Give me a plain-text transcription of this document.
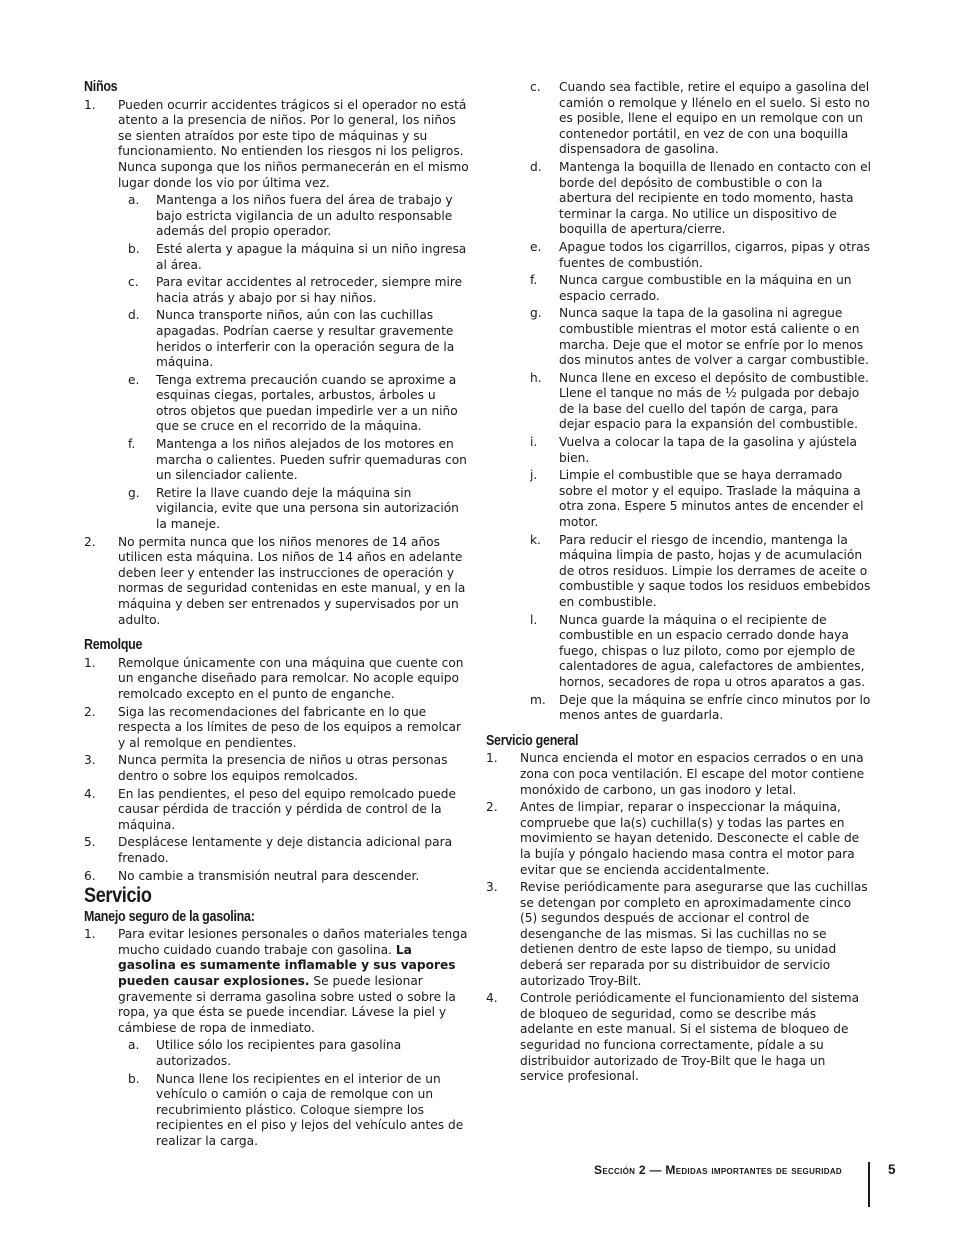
Niños
1.	Pueden ocurrir accidentes trágicos si el operador no está atento a la presencia de niños. Por lo general, los niños se sienten atraídos por este tipo de máquinas y su funcionamiento. No entienden los riesgos ni los peligros. Nunca suponga que los niños permanecerán en el mismo lugar donde los vio por última vez.
a.	Mantenga a los niños fuera del área de trabajo y bajo estricta vigilancia de un adulto responsable además del propio operador.
b.	Esté alerta y apague la máquina si un niño ingresa al área.
c.	Para evitar accidentes al retroceder, siempre mire hacia atrás y abajo por si hay niños.
d.	Nunca transporte niños, aún con las cuchillas apagadas. Podrían caerse y resultar gravemente heridos o interferir con la operación segura de la máquina.
e.	Tenga extrema precaución cuando se aproxime a esquinas ciegas, portales, arbustos, árboles u otros objetos que puedan impedirle ver a un niño que se cruce en el recorrido de la máquina.
f.	Mantenga a los niños alejados de los motores en marcha o calientes. Pueden sufrir quemaduras con un silenciador caliente.
g.	Retire la llave cuando deje la máquina sin vigilancia, evite que una persona sin autorización la maneje.
2.	No permita nunca que los niños menores de 14 años utilicen esta máquina. Los niños de 14 años en adelante deben leer y entender las instrucciones de operación y normas de seguridad contenidas en este manual, y en la máquina y deben ser entrenados y supervisados por un adulto.
Remolque
1.	Remolque únicamente con una máquina que cuente con un enganche diseñado para remolcar. No acople equipo remolcado excepto en el punto de enganche.
2.	Siga las recomendaciones del fabricante en lo que respecta a los límites de peso de los equipos a remolcar y al remolque en pendientes.
3.	Nunca permita la presencia de niños u otras personas dentro o sobre los equipos remolcados.
4.	En las pendientes, el peso del equipo remolcado puede causar pérdida de tracción y pérdida de control de la máquina.
5.	Desplácese lentamente y deje distancia adicional para frenado.
6.	No cambie a transmisión neutral para descender.
Servicio
Manejo seguro de la gasolina:
1.	Para evitar lesiones personales o daños materiales tenga mucho cuidado cuando trabaje con gasolina. La gasolina es sumamente inflamable y sus vapores pueden causar explosiones. Se puede lesionar gravemente si derrama gasolina sobre usted o sobre la ropa, ya que ésta se puede incendiar. Lávese la piel y cámbiese de ropa de inmediato.
a.	Utilice sólo los recipientes para gasolina autorizados.
b.	Nunca llene los recipientes en el interior de un vehículo o camión o caja de remolque con un recubrimiento plástico. Coloque siempre los recipientes en el piso y lejos del vehículo antes de realizar la carga.
c.	Cuando sea factible, retire el equipo a gasolina del camión o remolque y llénelo en el suelo. Si esto no es posible, llene el equipo en un remolque con un contenedor portátil, en vez de con una boquilla dispensadora de gasolina.
d.	Mantenga la boquilla de llenado en contacto con el borde del depósito de combustible o con la abertura del recipiente en todo momento, hasta terminar la carga. No utilice un dispositivo de boquilla de apertura/cierre.
e.	Apague todos los cigarrillos, cigarros, pipas y otras fuentes de combustión.
f.	Nunca cargue combustible en la máquina en un espacio cerrado.
g.	Nunca saque la tapa de la gasolina ni agregue combustible mientras el motor está caliente o en marcha. Deje que el motor se enfríe por lo menos dos minutos antes de volver a cargar combustible.
h.	Nunca llene en exceso el depósito de combustible. Llene el tanque no más de ½ pulgada por debajo de la base del cuello del tapón de carga, para dejar espacio para la expansión del combustible.
i.	Vuelva a colocar la tapa de la gasolina y ajústela bien.
j.	Limpie el combustible que se haya derramado sobre el motor y el equipo. Traslade la máquina a otra zona. Espere 5 minutos antes de encender el motor.
k.	Para reducir el riesgo de incendio, mantenga la máquina limpia de pasto, hojas y de acumulación de otros residuos. Limpie los derrames de aceite o combustible y saque todos los residuos embebidos en combustible.
l.	Nunca guarde la máquina o el recipiente de combustible en un espacio cerrado donde haya fuego, chispas o luz piloto, como por ejemplo de calentadores de agua, calefactores de ambientes, hornos, secadores de ropa u otros aparatos a gas.
m.	Deje que la máquina se enfríe cinco minutos por lo menos antes de guardarla.
Servicio general
1.	Nunca encienda el motor en espacios cerrados o en una zona con poca ventilación. El escape del motor contiene monóxido de carbono, un gas inodoro y letal.
2.	Antes de limpiar, reparar o inspeccionar la máquina, compruebe que la(s) cuchilla(s) y todas las partes en movimiento se hayan detenido. Desconecte el cable de la bujía y póngalo haciendo masa contra el motor para evitar que se encienda accidentalmente.
3.	Revise periódicamente para asegurarse que las cuchillas se detengan por completo en aproximadamente cinco (5) segundos después de accionar el control de desenganche de las mismas. Si las cuchillas no se detienen dentro de este lapso de tiempo, su unidad deberá ser reparada por su distribuidor de servicio autorizado Troy-Bilt.
4.	Controle periódicamente el funcionamiento del sistema de bloqueo de seguridad, como se describe más adelante en este manual. Si el sistema de bloqueo de seguridad no funciona correctamente, pídale a su distribuidor autorizado de Troy-Bilt que le haga un service profesional.
Sección 2 — Medidas importantes de seguridad	5
